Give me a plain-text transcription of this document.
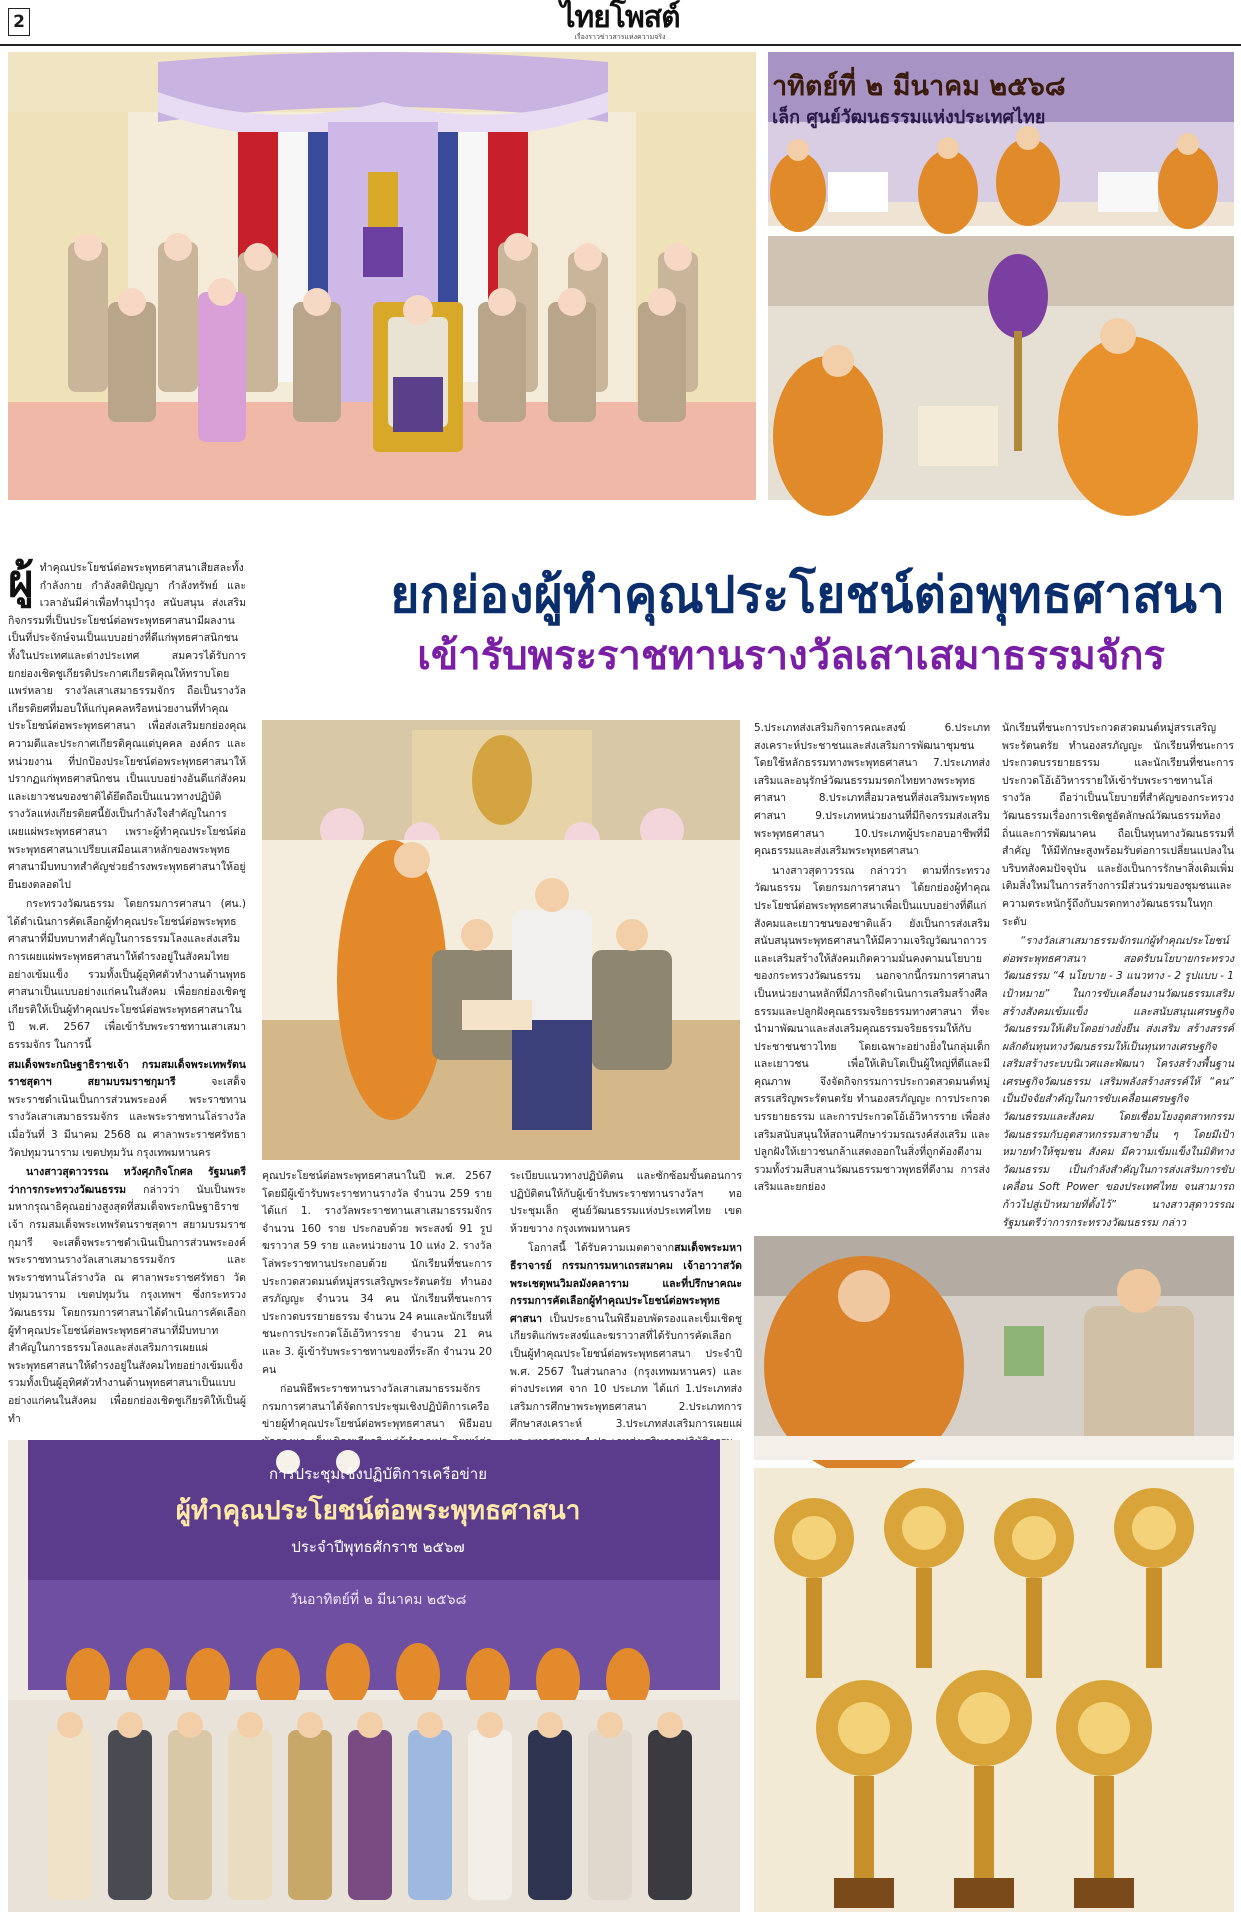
2	ไทยโพสต์
เรื่องราวข่าวสารแห่งความจริง
าทิตย์ที่ ๒ มีนาคม ๒๕๖๘
เล็ก ศูนย์วัฒนธรรมแห่งประเทศไทย
ยกย่องผู้ทำคุณประโยชน์ต่อพุทธศาสนา
เข้ารับพระราชทานรางวัลเสาเสมาธรรมจักร

ผู้ทำคุณประโยชน์ต่อพระพุทธศาสนาเสียสละทั้งกำลังกาย กำลังสติปัญญา กำลังทรัพย์ และเวลาอันมีค่าเพื่อทำนุบำรุง สนับสนุน ส่งเสริมกิจกรรมที่เป็นประโยชน์ต่อพระพุทธศาสนามีผลงานเป็นที่ประจักษ์จนเป็นแบบอย่างที่ดีแก่พุทธศาสนิกชนทั้งในประเทศและต่างประเทศ สมควรได้รับการยกย่องเชิดชูเกียรติประกาศเกียรติคุณให้ทราบโดยแพร่หลาย รางวัลเสาเสมาธรรมจักร ถือเป็นรางวัลเกียรติยศที่มอบให้แก่บุคคลหรือหน่วยงานที่ทำคุณประโยชน์ต่อพระพุทธศาสนา เพื่อส่งเสริมยกย่องคุณความดีและประกาศเกียรติคุณแด่บุคคล องค์กร และหน่วยงาน ที่ปกป้องประโยชน์ต่อพระพุทธศาสนาให้ปรากฏแก่พุทธศาสนิกชน เป็นแบบอย่างอันดีแก่สังคมและเยาวชนของชาติได้ยึดถือเป็นแนวทางปฏิบัติ รางวัลแห่งเกียรติยศนี้ยังเป็นกำลังใจสำคัญในการเผยแผ่พระพุทธศาสนา เพราะผู้ทำคุณประโยชน์ต่อพระพุทธศาสนาเปรียบเสมือนเสาหลักของพระพุทธศาสนามีบทบาทสำคัญช่วยธำรงพระพุทธศาสนาให้อยู่ยืนยงตลอดไป

กระทรวงวัฒนธรรม โดยกรมการศาสนา (ศน.) ได้ดำเนินการคัดเลือกผู้ทำคุณประโยชน์ต่อพระพุทธศาสนาที่มีบทบาทสำคัญในการธรรมโลงและส่งเสริมการเผยแผ่พระพุทธศาสนาให้ดำรงอยู่ในสังคมไทยอย่างเข้มแข็ง รวมทั้งเป็นผู้อุทิศตัวทำงานด้านพุทธศาสนาเป็นแบบอย่างแก่คนในสังคม เพื่อยกย่องเชิดชูเกียรติให้เป็นผู้ทำคุณประโยชน์ต่อพระพุทธศาสนาในปี พ.ศ. 2567 เพื่อเข้ารับพระราชทานเสาเสมาธรรมจักร ในการนี้

สมเด็จพระกนิษฐาธิราชเจ้า กรมสมเด็จพระเทพรัตนราชสุดาฯ สยามบรมราชกุมารี	จะเสด็จพระราชดำเนินเป็นการส่วนพระองค์ พระราชทานรางวัลเสาเสมาธรรมจักร และพระราชทานโล่รางวัล เมื่อวันที่ 3 มีนาคม 2568 ณ ศาลาพระราชศรัทธา วัดปทุมวนาราม เขตปทุมวัน กรุงเทพมหานคร

นางสาวสุดาวรรณ หวังศุภกิจโกศล รัฐมนตรีว่าการกระทรวงวัฒนธรรม กล่าวว่า นับเป็นพระมหากรุณาธิคุณอย่างสูงสุดที่สมเด็จพระกนิษฐาธิราชเจ้า กรมสมเด็จพระเทพรัตนราชสุดาฯ สยามบรมราชกุมารี จะเสด็จพระราชดำเนินเป็นการส่วนพระองค์ พระราชทานรางวัลเสาเสมาธรรมจักร และพระราชทานโล่รางวัล ณ ศาลาพระราชศรัทธา วัดปทุมวนาราม เขตปทุมวัน กรุงเทพฯ ซึ่งกระทรวงวัฒนธรรม โดยกรมการศาสนาได้ดำเนินการคัดเลือกผู้ทำคุณประโยชน์ต่อพระพุทธศาสนาที่มีบทบาทสำคัญในการธรรมโลงและส่งเสริมการเผยแผ่พระพุทธศาสนาให้ดำรงอยู่ในสังคมไทยอย่างเข้มแข็ง รวมทั้งเป็นผู้อุทิศตัวทำงานด้านพุทธศาสนาเป็นแบบอย่างแก่คนในสังคม เพื่อยกย่องเชิดชูเกียรติให้เป็นผู้ทำ

คุณประโยชน์ต่อพระพุทธศาสนาในปี พ.ศ. 2567 โดยมีผู้เข้ารับพระราชทานรางวัล จำนวน 259 ราย ได้แก่ 1. รางวัลพระราชทานเสาเสมาธรรมจักร จำนวน 160 ราย ประกอบด้วย พระสงฆ์ 91 รูป ฆราวาส 59 ราย และหน่วยงาน 10 แห่ง 2. รางวัลโล่พระราชทานประกอบด้วย นักเรียนที่ชนะการประกวดสวดมนต์หมู่สรรเสริญพระรัตนตรัย ทำนองสรภัญญะ จำนวน 34 คน นักเรียนที่ชนะการประกวดบรรยายธรรม จำนวน 24 คนและนักเรียนที่ชนะการประกวดโอ้เอ้วิหารราย จำนวน 21 คน และ 3. ผู้เข้ารับพระราชทานของที่ระลึก จำนวน 20 คน

ก่อนพิธีพระราชทานรางวัลเสาเสมาธรรมจักร กรมการศาสนาได้จัดการประชุมเชิงปฏิบัติการเครือข่ายผู้ทำคุณประโยชน์ต่อพระพุทธศาสนา พิธีมอบ

ระเบียบแนวทางปฏิบัติตน และซักซ้อมขั้นตอนการปฏิบัติตนให้กับผู้เข้ารับพระราชทานรางวัลฯ ทอประชุมเล็ก ศูนย์วัฒนธรรมแห่งประเทศไทย เขตห้วยขวาง กรุงเทพมหานคร

โอกาสนี้ ได้รับความเมตตาจากสมเด็จพระมหาธีราจารย์ กรรมการมหาเถรสมาคม เจ้าอาวาสวัดพระเชตุพนวิมลมังคลาราม และที่ปรึกษาคณะกรรมการคัดเลือกผู้ทำคุณประโยชน์ต่อพระพุทธศาสนา เป็นประธานในพิธีมอบพัดรองและเข็มเชิดชูเกียรติแก่พระสงฆ์และฆราวาสที่ได้รับการคัดเลือกเป็นผู้ทำคุณประโยชน์ต่อพระพุทธศาสนา ประจำปี พ.ศ. 2567 ในส่วนกลาง (กรุงเทพมหานคร) และต่างประเทศ จาก 10 ประเภท ได้แก่ 1.ประเภทส่งเสริมการศึกษาพระพุทธศาสนา 2.ประเภทการศึกษาสงเคราะห์ 3.ประเภทส่งเสริมการเผยแผ่

5.ประเภทส่งเสริมกิจการคณะสงฆ์ 6.ประเภทสงเคราะห์ประชาชนและส่งเสริมการพัฒนาชุมชนโดยใช้หลักธรรมทางพระพุทธศาสนา 7.ประเภทส่งเสริมและอนุรักษ์วัฒนธรรมมรดกไทยทางพระพุทธศาสนา 8.ประเภทสื่อมวลชนที่ส่งเสริมพระพุทธศาสนา 9.ประเภทหน่วยงานที่มีกิจกรรมส่งเสริมพระพุทธศาสนา 10.ประเภทผู้ประกอบอาชีพที่มีคุณธรรมและส่งเสริมพระพุทธศาสนา

นางสาวสุดาวรรณ กล่าวว่า ตามที่กระทรวงวัฒนธรรม โดยกรมการศาสนา ได้ยกย่องผู้ทำคุณประโยชน์ต่อพระพุทธศาสนาเพื่อเป็นแบบอย่างที่ดีแก่สังคมและเยาวชนของชาติแล้ว ยังเป็นการส่งเสริมสนับสนุนพระพุทธศาสนาให้มีความเจริญวัฒนาถาวร และเสริมสร้างให้สังคมเกิดความมั่นคงตามนโยบายของกระทรวงวัฒนธรรม นอกจากนี้กรมการศาสนา เป็นหน่วยงานหลักที่มีภารกิจดำเนินการเสริมสร้างศีลธรรมและปลูกฝังคุณธรรมจริยธรรมทางศาสนา ที่จะนำมาพัฒนาและส่งเสริมคุณธรรมจริยธรรมให้กับประชาชนชาวไทย โดยเฉพาะอย่างยิ่งในกลุ่มเด็กและเยาวชน เพื่อให้เติบโตเป็นผู้ใหญ่ที่ดีและมีคุณภาพ จึงจัดกิจกรรมการประกวดสวดมนต์หมู่สรรเสริญพระรัตนตรัย ทำนองสรภัญญะ การประกวดบรรยายธรรม และการประกวดโอ้เอ้วิหารราย เพื่อส่งเสริมสนับสนุนให้สถานศึกษาร่วมรณรงค์ส่งเสริม และปลูกฝังให้เยาวชนกล้าแสดงออกในสิ่งที่ถูกต้องดีงาม รวมทั้งร่วมสืบสานวัฒนธรรมชาวพุทธที่ดีงาม การส่งเสริมและยกย่อง

นักเรียนที่ชนะการประกวดสวดมนต์หมู่สรรเสริญพระรัตนตรัย ทำนองสรภัญญะ นักเรียนที่ชนะการประกวดบรรยายธรรม และนักเรียนที่ชนะการประกวดโอ้เอ้วิหารรายให้เข้ารับพระราชทานโล่รางวัล ถือว่าเป็นนโยบายที่สำคัญของกระทรวงวัฒนธรรมเรื่องการเชิดชูอัตลักษณ์วัฒนธรรมท้องถิ่นและการพัฒนาคน ถือเป็นทุนทางวัฒนธรรมที่สำคัญ ให้มีทักษะสูงพร้อมรับต่อการเปลี่ยนแปลงในบริบทสังคมปัจจุบัน และยังเป็นการรักษาสิ่งเดิมเพิ่มเติมสิ่งใหม่ในการสร้างการมีส่วนร่วมของชุมชนและความตระหนักรู้ถึงกับมรดกทางวัฒนธรรมในทุกระดับ

“รางวัลเสาเสมาธรรมจักรแก่ผู้ทำคุณประโยชน์ต่อพระพุทธศาสนา สอดรับนโยบายกระทรวงวัฒนธรรม “4 นโยบาย - 3 แนวทาง - 2 รูปแบบ - 1 เป้าหมาย” ในการขับเคลื่อนงานวัฒนธรรมเสริมสร้างสังคมเข้มแข็ง และสนับสนุนเศรษฐกิจวัฒนธรรมให้เติบโตอย่างยั่งยืน ส่งเสริม สร้างสรรค์ ผลักดันทุนทางวัฒนธรรมให้เป็นทุนทางเศรษฐกิจ เสริมสร้างระบบนิเวศและพัฒนา โครงสร้างพื้นฐานเศรษฐกิจวัฒนธรรม เสริมพลังสร้างสรรค์ให้ “คน” เป็นปัจจัยสำคัญในการขับเคลื่อนเศรษฐกิจวัฒนธรรมและสังคม โดยเชื่อมโยงอุตสาหกรรมวัฒนธรรมกับอุตสาหกรรมสาขาอื่น ๆ โดยมีเป้าหมายทำให้ชุมชน สังคม มีความเข้มแข็งในมิติทางวัฒนธรรม เป็นกำลังสำคัญในการส่งเสริมการขับเคลื่อน Soft Power ของประเทศไทย จนสามารถก้าวไปสู่เป้าหมายที่ตั้งไว้” นางสาวสุดาวรรณ รัฐมนตรีว่าการกระทรวงวัฒนธรรม กล่าว

การประชุมเชิงปฏิบัติการเครือข่าย
ผู้ทำคุณประโยชน์ต่อพระพุทธศาสนา
ประจำปีพุทธศักราช ๒๕๖๗
วันอาทิตย์ที่ ๒ มีนาคม ๒๕๖๘
